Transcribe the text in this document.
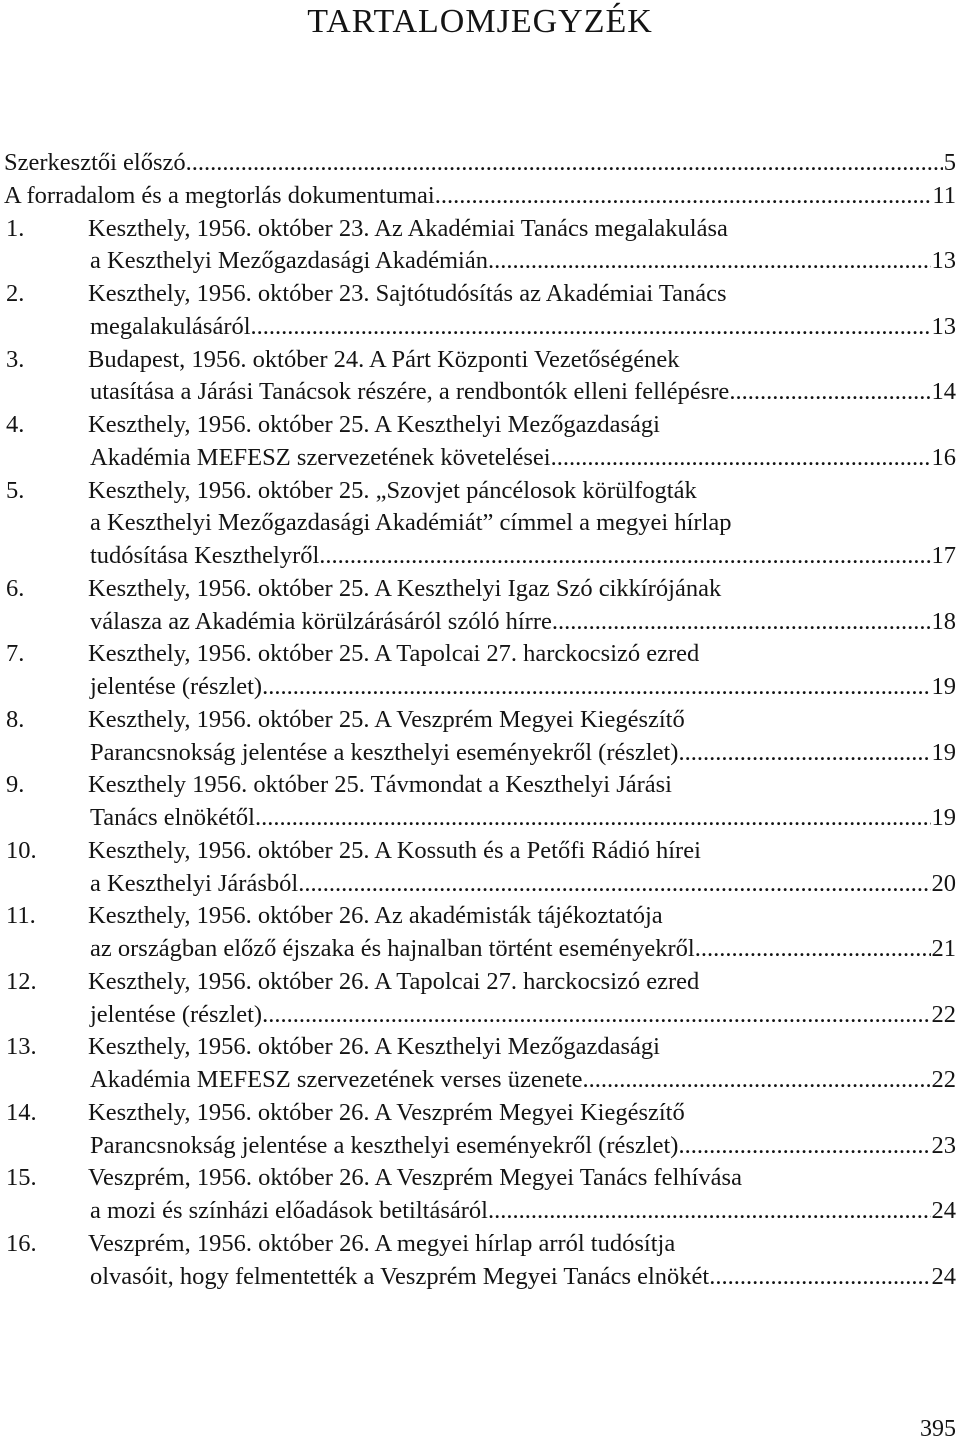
TARTALOMJEGYZÉK
Szerkesztői előszó .....	5
A forradalom és a megtorlás dokumentumai .....	11
1.	Keszthely, 1956. október 23. Az Akadémiai Tanács megalakulása
a Keszthelyi Mezőgazdasági Akadémián .....	13
2.	Keszthely, 1956. október 23. Sajtótudósítás az Akadémiai Tanács
megalakulásáról .....	13
3.	Budapest, 1956. október 24. A Párt Központi Vezetőségének
utasítása a Járási Tanácsok részére, a rendbontók elleni fellépésre .....	14
4.	Keszthely, 1956. október 25. A Keszthelyi Mezőgazdasági
Akadémia MEFESZ szervezetének követelései .....	16
5.	Keszthely, 1956. október 25. „Szovjet páncélosok körülfogták
a Keszthelyi Mezőgazdasági Akadémiát” címmel a megyei hírlap
tudósítása Keszthelyről .....	17
6.	Keszthely, 1956. október 25. A Keszthelyi Igaz Szó cikkírójának
válasza az Akadémia körülzárásáról szóló hírre .....	18
7.	Keszthely, 1956. október 25. A Tapolcai 27. harckocsizó ezred
jelentése (részlet) .....	19
8.	Keszthely, 1956. október 25. A Veszprém Megyei Kiegészítő
Parancsnokság jelentése a keszthelyi eseményekről (részlet) .....	19
9.	Keszthely 1956. október 25. Távmondat a Keszthelyi Járási
Tanács elnökétől .....	19
10.	Keszthely, 1956. október 25. A Kossuth és a Petőfi Rádió hírei
a Keszthelyi Járásból .....	20
11.	Keszthely, 1956. október 26. Az akadémisták tájékoztatója
az országban előző éjszaka és hajnalban történt eseményekről .....	21
12.	Keszthely, 1956. október 26. A Tapolcai 27. harckocsizó ezred
jelentése (részlet) .....	22
13.	Keszthely, 1956. október 26. A Keszthelyi Mezőgazdasági
Akadémia MEFESZ szervezetének verses üzenete .....	22
14.	Keszthely, 1956. október 26. A Veszprém Megyei Kiegészítő
Parancsnokság jelentése a keszthelyi eseményekről (részlet) .....	23
15.	Veszprém, 1956. október 26. A Veszprém Megyei Tanács felhívása
a mozi és színházi előadások betiltásáról .....	24
16.	Veszprém, 1956. október 26. A megyei hírlap arról tudósítja
olvasóit, hogy felmentették a Veszprém Megyei Tanács elnökét .....	24
395
